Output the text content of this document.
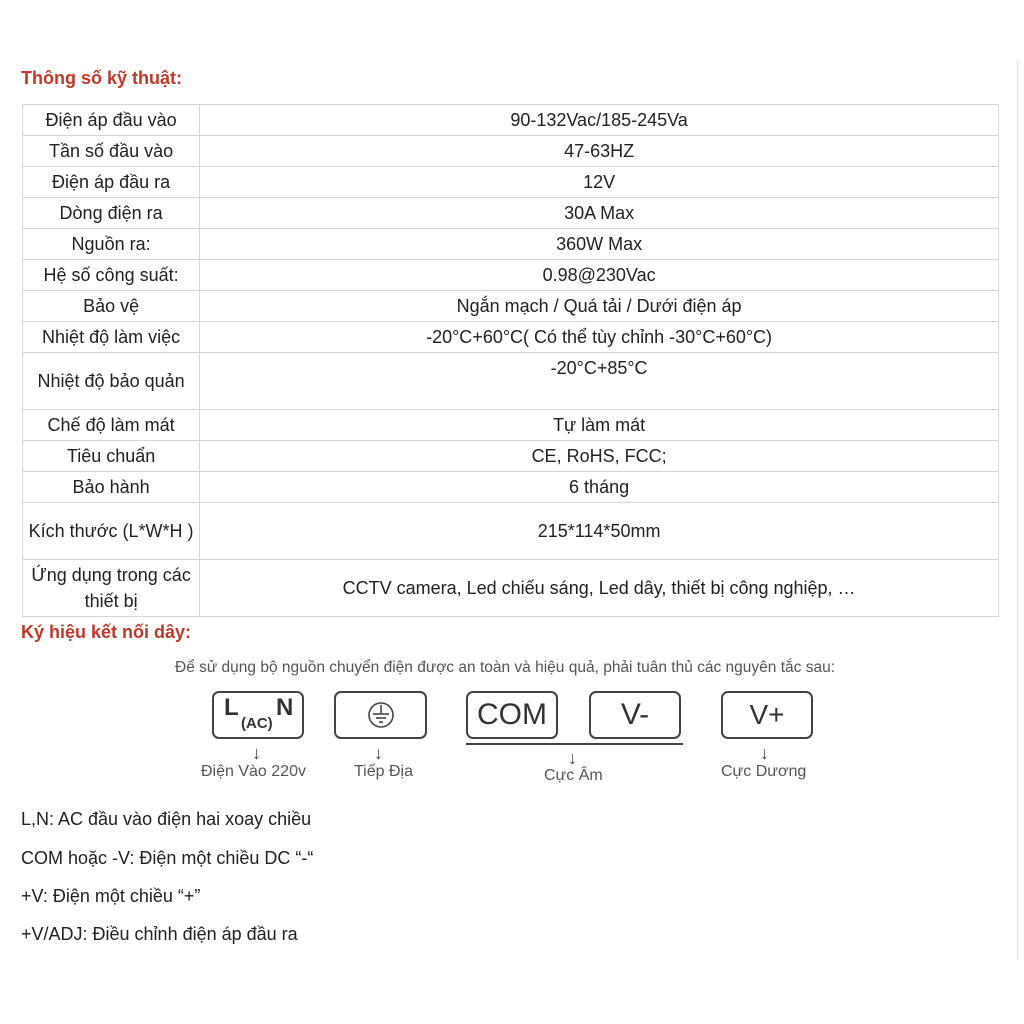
Thông số kỹ thuật:
Điện áp đầu vào	90-132Vac/185-245Va
Tần số đầu vào	47-63HZ
Điện áp đầu ra	12V
Dòng điện ra	30A Max
Nguồn ra:	360W Max
Hệ số công suất:	0.98@230Vac
Bảo vệ	Ngắn mạch / Quá tải / Dưới điện áp
Nhiệt độ làm việc	-20°C+60°C( Có thể tùy chỉnh -30°C+60°C)
Nhiệt độ bảo quản	-20°C+85°C
Chế độ làm mát	Tự làm mát
Tiêu chuẩn	CE, RoHS, FCC;
Bảo hành	6 tháng
Kích thước (L*W*H )	215*114*50mm
Ứng dụng trong các thiết bị	CCTV camera, Led chiếu sáng, Led dây, thiết bị công nghiệp, …
Ký hiệu kết nối dây:
Để sử dụng bộ nguồn chuyển điện được an toàn và hiệu quả, phải tuân thủ các nguyên tắc sau:
L
(AC)
N	COM	V-	V+
↓	↓	↓	↓
Điện Vào 220v	Tiếp Địa	Cực Âm	Cực Dương
L,N: AC đầu vào điện hai xoay chiều
COM hoặc -V: Điện một chiều DC “-“
+V: Điện một chiều “+”
+V/ADJ: Điều chỉnh điện áp đầu ra
